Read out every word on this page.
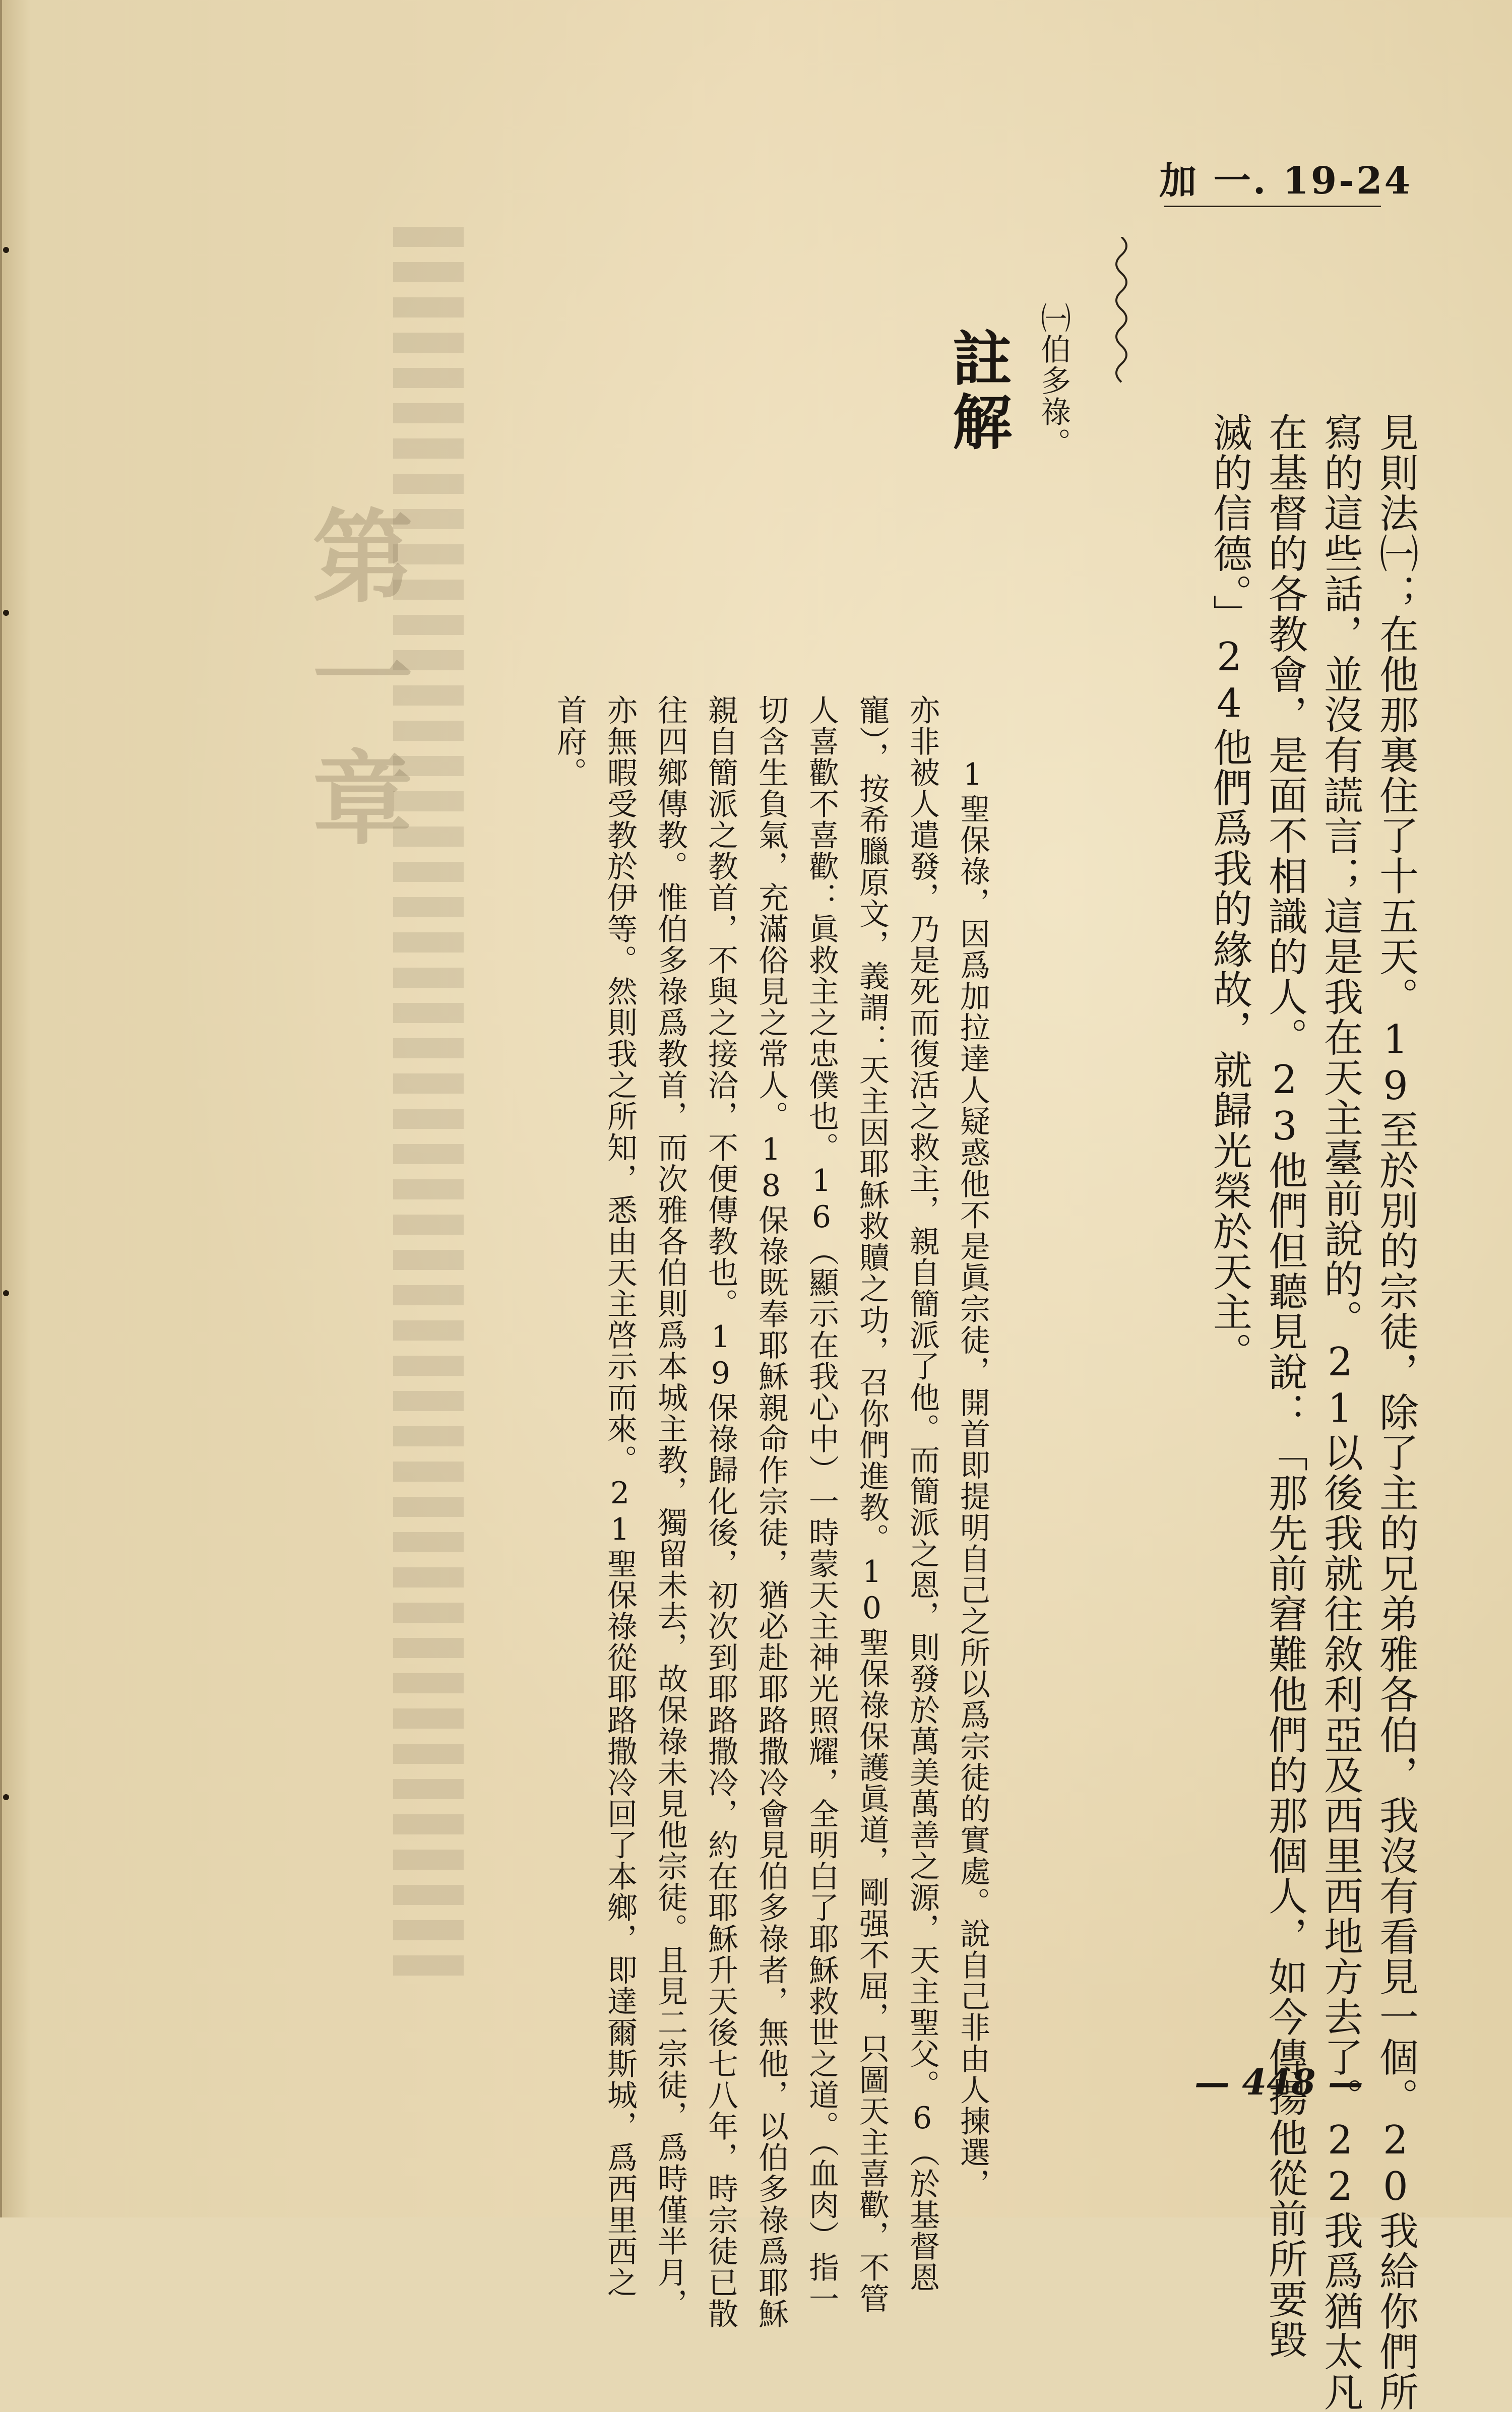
第一章
加 一. 19-24

見則法㈠；在他那裏住了十五天。19至於別的宗徒，除了主的兄弟雅各伯，我沒有看見一個。20我給你們所
寫的這些話，並沒有謊言；這是我在天主臺前說的。21以後我就往敘利亞及西里西地方去了。22我爲猶太凡
在基督的各教會，是面不相識的人。23他們但聽見說：「那先前窘難他們的那個人，如今傳揚他從前所要毀
滅的信德。」24他們爲我的緣故，就歸光榮於天主。

㈠伯多祿。
註解

　　1聖保祿，因爲加拉達人疑惑他不是眞宗徒，開首即提明自己之所以爲宗徒的實處。說自己非由人揀選，
亦非被人遣發，乃是死而復活之救主，親自簡派了他。而簡派之恩，則發於萬美萬善之源，天主聖父。6（於基督恩
寵），按希臘原文，義謂：天主因耶穌救贖之功，召你們進教。10聖保祿保護眞道，剛强不屈，只圖天主喜歡，不管
人喜歡不喜歡：眞救主之忠僕也。16（顯示在我心中）一時蒙天主神光照耀，全明白了耶穌救世之道。（血肉）指一
切含生負氣，充滿俗見之常人。18保祿既奉耶穌親命作宗徒，猶必赴耶路撒冷會見伯多祿者，無他，以伯多祿爲耶穌
親自簡派之教首，不與之接洽，不便傳教也。19保祿歸化後，初次到耶路撒冷，約在耶穌升天後七八年，時宗徒已散
往四鄉傳教。惟伯多祿爲教首，而次雅各伯則爲本城主教，獨留未去，故保祿未見他宗徒。且見二宗徒，爲時僅半月，
亦無暇受教於伊等。然則我之所知，悉由天主啓示而來。21聖保祿從耶路撒冷回了本鄉，即達爾斯城，爲西里西之
首府。

— 448 —
